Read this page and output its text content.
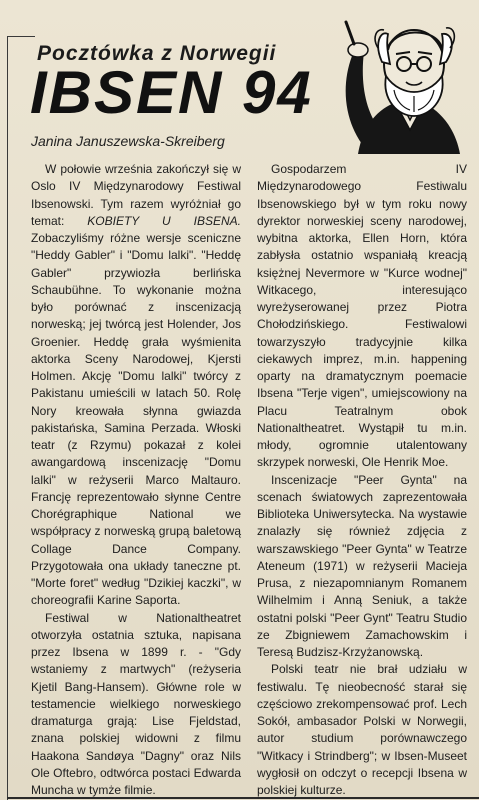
Pocztówka z Norwegii
IBSEN 94
Janina Januszewska-Skreiberg

W połowie września zakończył się w Oslo IV Międzynarodowy Festiwal Ibsenowski. Tym razem wyróżniał go temat: KOBIETY U IBSENA. Zobaczyliśmy różne wersje sceniczne "Heddy Gabler" i "Domu lalki". "Heddę Gabler" przywiozła berlińska Schaubühne. To wykonanie można było porównać z inscenizacją norweską; jej twórcą jest Holender, Jos Groenier. Heddę grała wyśmienita aktorka Sceny Narodowej, Kjersti Holmen. Akcję "Domu lalki" twórcy z Pakistanu umieścili w latach 50. Rolę Nory kreowała słynna gwiazda pakistańska, Samina Perzada. Włoski teatr (z Rzymu) pokazał z kolei awangardową inscenizację "Domu lalki" w reżyserii Marco Maltauro. Francję reprezentowało słynne Centre Chorégraphique National we współpracy z norweską grupą baletową Collage Dance Company. Przygotowała ona układy taneczne pt. "Morte foret" według "Dzikiej kaczki", w choreografii Karine Saporta.

Festiwal w Nationaltheatret otworzyła ostatnia sztuka, napisana przez Ibsena w 1899 r. - "Gdy wstaniemy z martwych" (reżyseria Kjetil Bang-Hansem). Główne role w testamencie wielkiego norweskiego dramaturga grają: Lise Fjeldstad, znana polskiej widowni z filmu Haakona Sandøya "Dagny" oraz Nils Ole Oftebro, odtwórca postaci Edwarda Muncha w tymże filmie.

Gospodarzem IV Międzynarodowego Festiwalu Ibsenowskiego był w tym roku nowy dyrektor norweskiej sceny narodowej, wybitna aktorka, Ellen Horn, która zabłysła ostatnio wspaniałą kreacją księżnej Nevermore w "Kurce wodnej" Witkacego, interesująco wyreżyserowanej przez Piotra Chołodzińskiego. Festiwalowi towarzyszyło tradycyjnie kilka ciekawych imprez, m.in. happening oparty na dramatycznym poemacie Ibsena "Terje vigen", umiejscowiony na Placu Teatralnym obok Nationaltheatret. Wystąpił tu m.in. młody, ogromnie utalentowany skrzypek norweski, Ole Henrik Moe.

Inscenizacje "Peer Gynta" na scenach światowych zaprezentowała Biblioteka Uniwersytecka. Na wystawie znalazły się również zdjęcia z warszawskiego "Peer Gynta" w Teatrze Ateneum (1971) w reżyserii Macieja Prusa, z niezapomnianym Romanem Wilhelmim i Anną Seniuk, a także ostatni polski "Peer Gynt" Teatru Studio ze Zbigniewem Zamachowskim i Teresą Budzisz-Krzyżanowską.

Polski teatr nie brał udziału w festiwalu. Tę nieobecność starał się częściowo zrekompensować prof. Lech Sokół, ambasador Polski w Norwegii, autor studium porównawczego "Witkacy i Strindberg"; w Ibsen-Museet wygłosił on odczyt o recepcji Ibsena w polskiej kulturze.
